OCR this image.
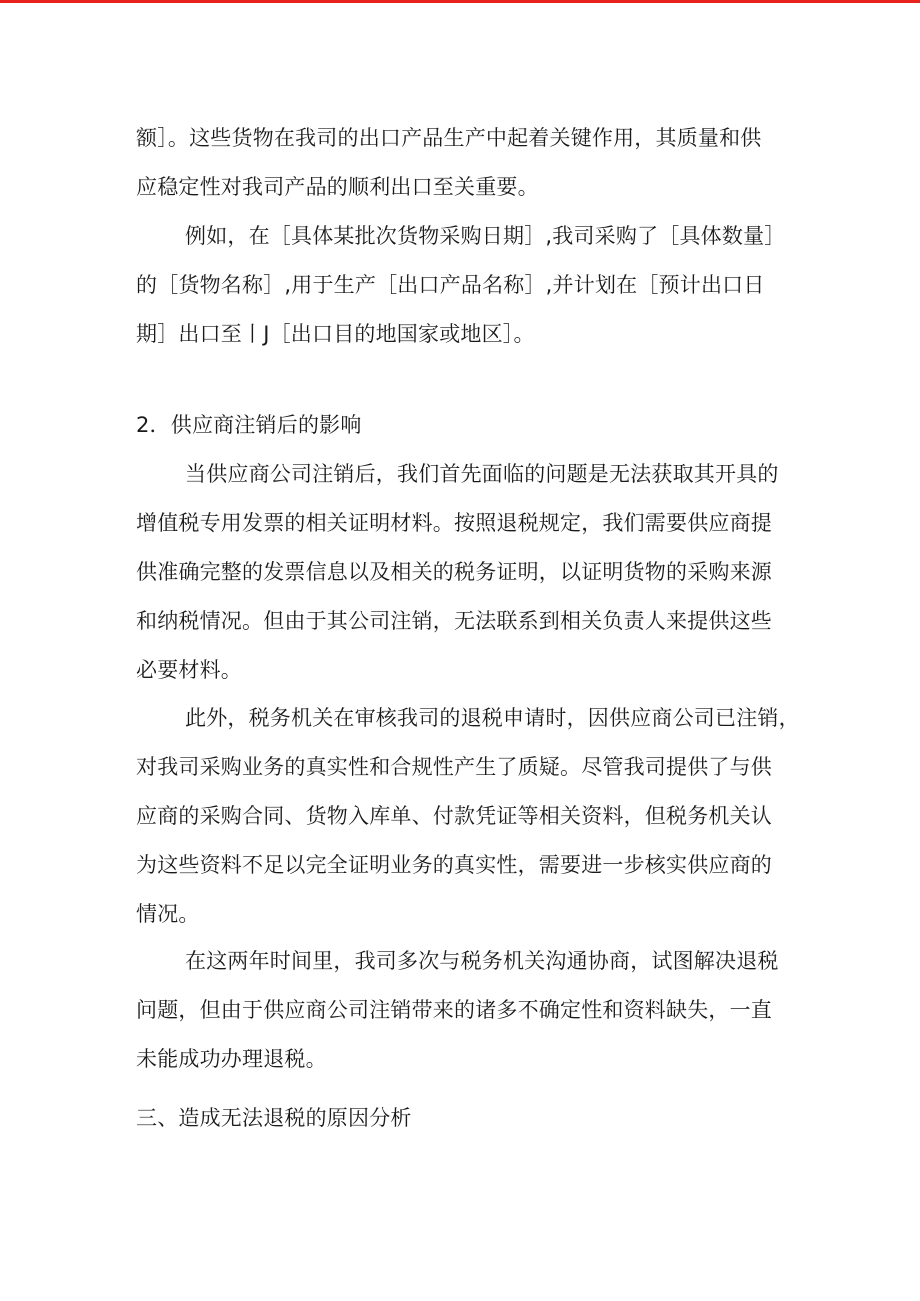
额］。这些货物在我司的出口产品生产中起着关键作用，其质量和供

应稳定性对我司产品的顺利出口至关重要。

例如，在［具体某批次货物采购日期］,我司采购了［具体数量］

的［货物名称］,用于生产［出口产品名称］,并计划在［预计出口日

期］出口至丨J［出口目的地国家或地区］。

2．供应商注销后的影响

当供应商公司注销后，我们首先面临的问题是无法获取其开具的

增值税专用发票的相关证明材料。按照退税规定，我们需要供应商提

供准确完整的发票信息以及相关的税务证明，以证明货物的采购来源

和纳税情况。但由于其公司注销，无法联系到相关负责人来提供这些

必要材料。

此外，税务机关在审核我司的退税申请时，因供应商公司已注销，

对我司采购业务的真实性和合规性产生了质疑。尽管我司提供了与供

应商的采购合同、货物入库单、付款凭证等相关资料，但税务机关认

为这些资料不足以完全证明业务的真实性，需要进一步核实供应商的

情况。

在这两年时间里，我司多次与税务机关沟通协商，试图解决退税

问题，但由于供应商公司注销带来的诸多不确定性和资料缺失，一直

未能成功办理退税。

三、造成无法退税的原因分析
